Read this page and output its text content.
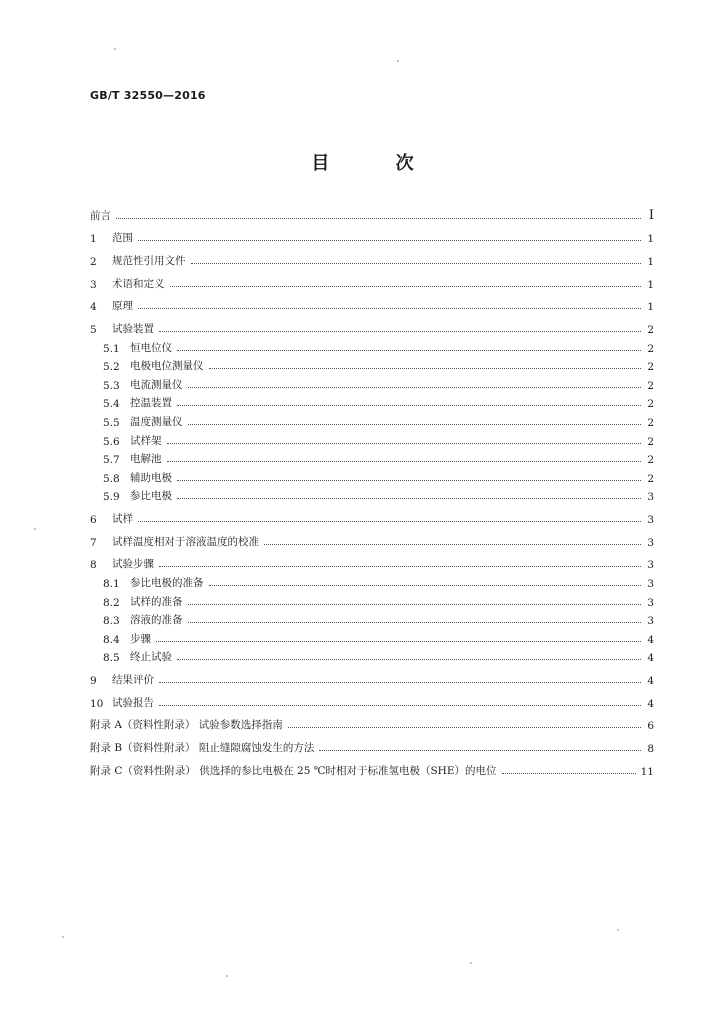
GB/T 32550—2016
目 次
前言	Ⅰ
1	范围	1
2	规范性引用文件	1
3	术语和定义	1
4	原理	1
5	试验装置	2
5.1 恒电位仪	2
5.2 电极电位测量仪	2
5.3 电流测量仪	2
5.4 控温装置	2
5.5 温度测量仪	2
5.6 试样架	2
5.7 电解池	2
5.8 辅助电极	2
5.9 参比电极	3
6	试样	3
7	试样温度相对于溶液温度的校准	3
8	试验步骤	3
8.1 参比电极的准备	3
8.2 试样的准备	3
8.3 溶液的准备	3
8.4 步骤	4
8.5 终止试验	4
9	结果评价	4
10 试验报告	4
附录 A（资料性附录） 试验参数选择指南	6
附录 B（资料性附录） 阻止缝隙腐蚀发生的方法	8
附录 C（资料性附录） 供选择的参比电极在 25 ℃时相对于标准氢电极（SHE）的电位	11
